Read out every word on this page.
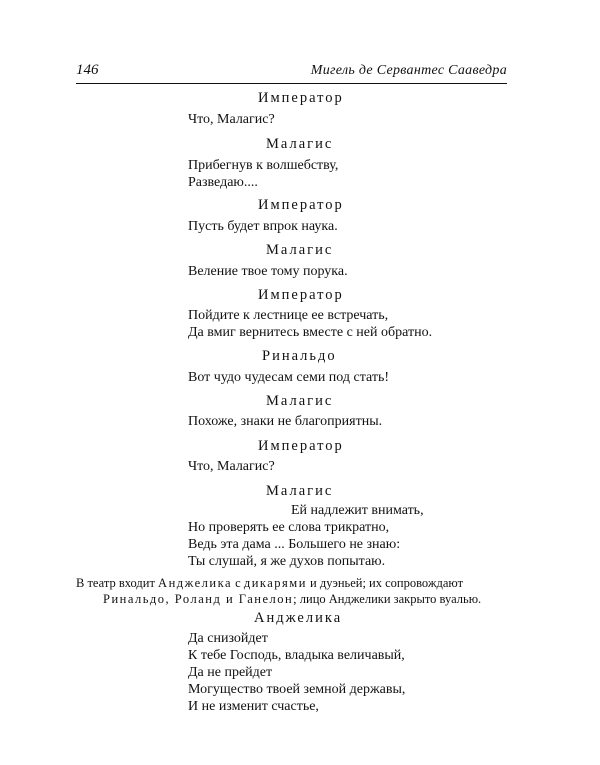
146	Мигель де Сервантес Сааведра
Император
Что, Малагис?
Малагис
Прибегнув к волшебству,
Разведаю....
Император
Пусть будет впрок наука.
Малагис
Веление твое тому порука.
Император
Пойдите к лестнице ее встречать,
Да вмиг вернитесь вместе с ней обратно.
Ринальдо
Вот чудо чудесам семи под стать!
Малагис
Похоже, знаки не благоприятны.
Император
Что, Малагис?
Малагис
Ей надлежит внимать,
Но проверять ее слова трикратно,
Ведь эта дама ... Большего не знаю:
Ты слушай, я же духов попытаю.
В театр входит Анджелика с дикарями и дуэньей; их сопровождают
Ринальдо, Роланд и Ганелон; лицо Анджелики закрыто вуалью.
Анджелика
Да снизойдет
К тебе Господь, владыка величавый,
Да не прейдет
Могущество твоей земной державы,
И не изменит счастье,
